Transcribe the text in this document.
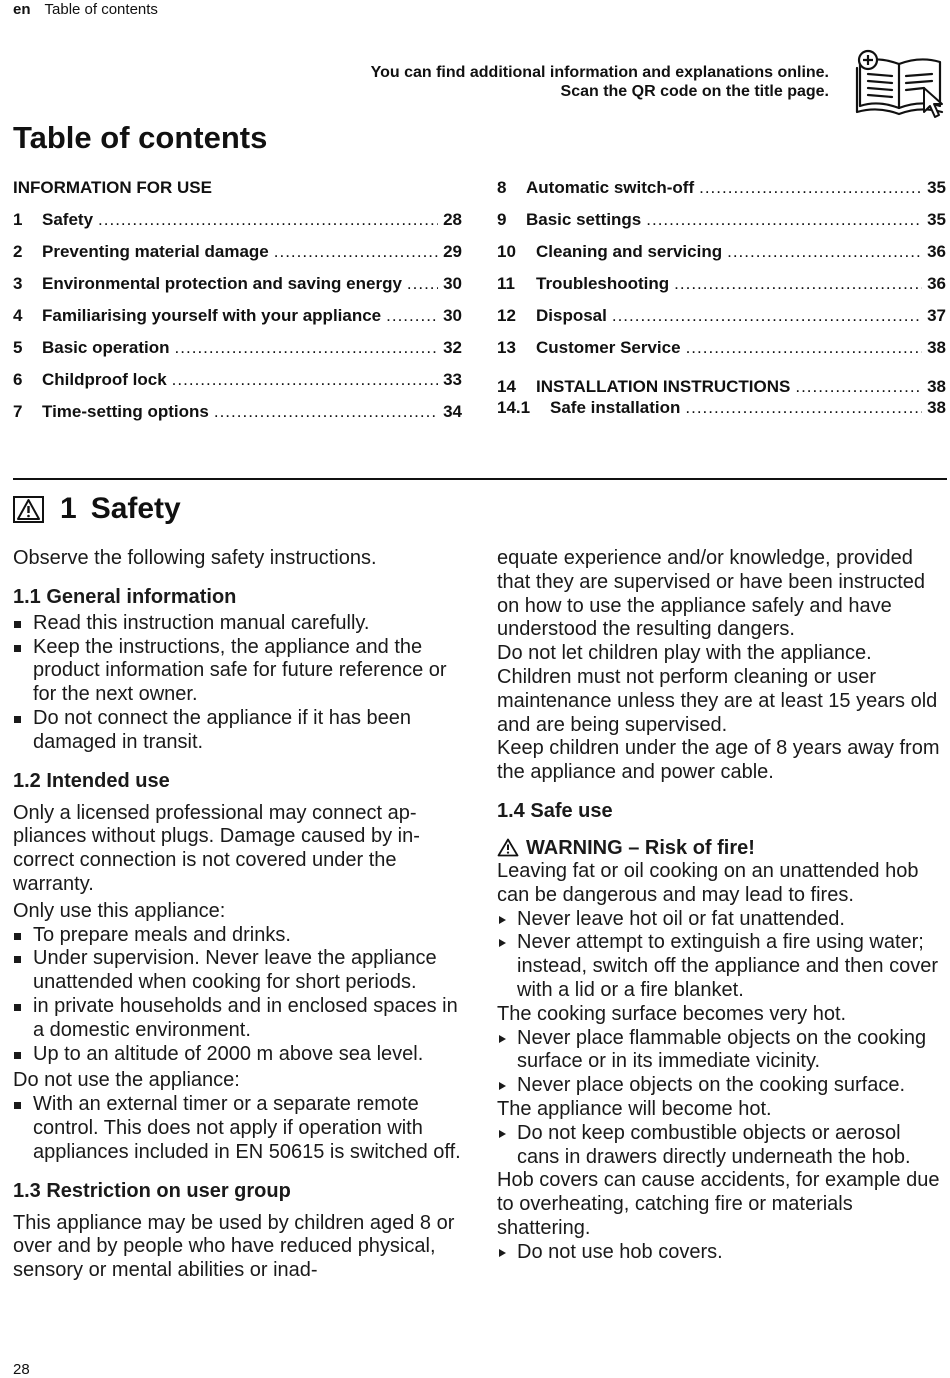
en Table of contents
You can find additional information and explanations online.
Scan the QR code on the title page.
Table of contents
INFORMATION FOR USE
1	Safety .....	28
2	Preventing material damage .....	29
3	Environmental protection and saving energy ..... 30
4	Familiarising yourself with your appliance .....	30
5	Basic operation .....	32
6	Childproof lock .....	33
7	Time-setting options .....	34
8	Automatic switch-off .....	35
9	Basic settings .....	35
10	Cleaning and servicing .....	36
11	Troubleshooting .....	36
12	Disposal .....	37
13	Customer Service .....	38
14	INSTALLATION INSTRUCTIONS .....	38
14.1	Safe installation .....	38
1 Safety

Observe the following safety instructions.

1.1 General information
Read this instruction manual carefully.
Keep the instructions, the appliance and the product information safe for future reference or for the next owner.
Do not connect the appliance if it has been damaged in transit.
1.2 Intended use

Only a licensed professional may connect appliances without plugs. Damage caused by incorrect connection is not covered under the warranty.

Only use this appliance:

To prepare meals and drinks.
Under supervision. Never leave the appliance unattended when cooking for short periods.
in private households and in enclosed spaces in a domestic environment.
Up to an altitude of 2000 m above sea level.

Do not use the appliance:

With an external timer or a separate remote control. This does not apply if operation with appliances included in EN 50615 is switched off.
1.3 Restriction on user group

This appliance may be used by children aged 8 or over and by people who have reduced physical, sensory or mental abilities or inad-

equate experience and/or knowledge, provided that they are supervised or have been instructed on how to use the appliance safely and have understood the resulting dangers.

Do not let children play with the appliance.

Children must not perform cleaning or user maintenance unless they are at least 15 years old and are being supervised.

Keep children under the age of 8 years away from the appliance and power cable.

1.4 Safe use
WARNING – Risk of fire!

Leaving fat or oil cooking on an unattended hob can be dangerous and may lead to fires.

Never leave hot oil or fat unattended.
Never attempt to extinguish a fire using water; instead, switch off the appliance and then cover with a lid or a fire blanket.

The cooking surface becomes very hot.

Never place flammable objects on the cooking surface or in its immediate vicinity.
Never place objects on the cooking surface.

The appliance will become hot.

Do not keep combustible objects or aerosol cans in drawers directly underneath the hob.

Hob covers can cause accidents, for example due to overheating, catching fire or materials shattering.

Do not use hob covers.
28
